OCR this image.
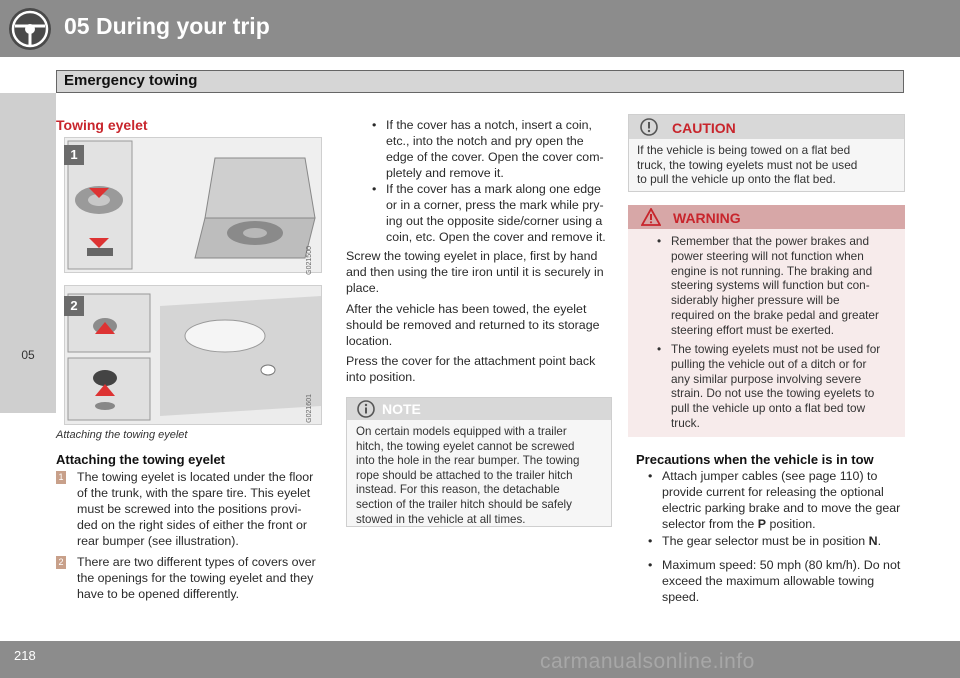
05 During your trip
Emergency towing
05
Towing eyelet
1
G021500
2
G021601
Attaching the towing eyelet
Attaching the towing eyelet
1 The towing eyelet is located under the floor
of the trunk, with the spare tire. This eyelet
must be screwed into the positions provi-
ded on the right sides of either the front or
rear bumper (see illustration).
2 There are two different types of covers over
the openings for the towing eyelet and they
have to be opened differently.
If the cover has a notch, insert a coin,
etc., into the notch and pry open the
edge of the cover. Open the cover com-
pletely and remove it.
If the cover has a mark along one edge
or in a corner, press the mark while pry-
ing out the opposite side/corner using a
coin, etc. Open the cover and remove it.
Screw the towing eyelet in place, first by hand
and then using the tire iron until it is securely in
place.
After the vehicle has been towed, the eyelet
should be removed and returned to its storage
location.
Press the cover for the attachment point back
into position.
NOTE
On certain models equipped with a trailer
hitch, the towing eyelet cannot be screwed
into the hole in the rear bumper. The towing
rope should be attached to the trailer hitch
instead. For this reason, the detachable
section of the trailer hitch should be safely
stowed in the vehicle at all times.
CAUTION
If the vehicle is being towed on a flat bed
truck, the towing eyelets must not be used
to pull the vehicle up onto the flat bed.
WARNING
Remember that the power brakes and
power steering will not function when
engine is not running. The braking and
steering systems will function but con-
siderably higher pressure will be
required on the brake pedal and greater
steering effort must be exerted.
The towing eyelets must not be used for
pulling the vehicle out of a ditch or for
any similar purpose involving severe
strain. Do not use the towing eyelets to
pull the vehicle up onto a flat bed tow
truck.
Precautions when the vehicle is in tow
Attach jumper cables (see page 110) to
provide current for releasing the optional
electric parking brake and to move the gear
selector from the P position.
The gear selector must be in position N.
Maximum speed: 50 mph (80 km/h). Do not
exceed the maximum allowable towing
speed.
218	carmanualsonline.info
